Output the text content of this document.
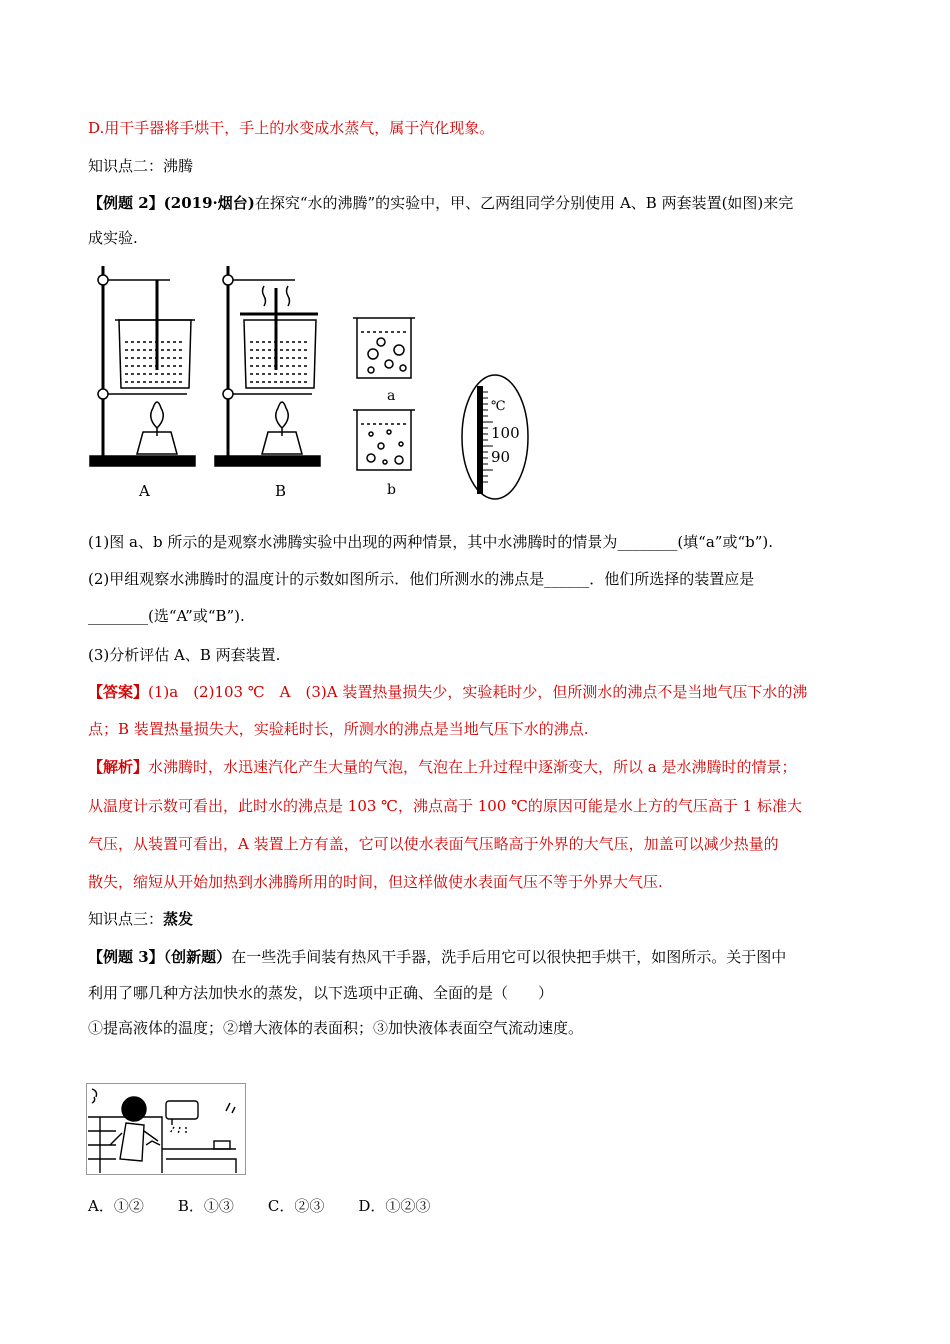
D.用干手器将手烘干，手上的水变成水蒸气，属于汽化现象。
知识点二：沸腾
【例题 2】(2019·烟台)在探究“水的沸腾”的实验中，甲、乙两组同学分别使用 A、B 两套装置(如图)来完
成实验.
A	B
a
b
℃
100
90
(1)图 a、b 所示的是观察水沸腾实验中出现的两种情景，其中水沸腾时的情景为________(填“a”或“b”).
(2)甲组观察水沸腾时的温度计的示数如图所示．他们所测水的沸点是______．他们所选择的装置应是
________(选“A”或“B”).
(3)分析评估 A、B 两套装置.
【答案】(1)a　(2)103 ℃　A　(3)A 装置热量损失少，实验耗时少，但所测水的沸点不是当地气压下水的沸
点；B 装置热量损失大，实验耗时长，所测水的沸点是当地气压下水的沸点.
【解析】水沸腾时，水迅速汽化产生大量的气泡，气泡在上升过程中逐渐变大，所以 a 是水沸腾时的情景；
从温度计示数可看出，此时水的沸点是 103 ℃，沸点高于 100 ℃的原因可能是水上方的气压高于 1 标准大
气压，从装置可看出，A 装置上方有盖，它可以使水表面气压略高于外界的大气压，加盖可以减少热量的
散失，缩短从开始加热到水沸腾所用的时间，但这样做使水表面气压不等于外界大气压.
知识点三：蒸发
【例题 3】（创新题）在一些洗手间装有热风干手器，洗手后用它可以很快把手烘干，如图所示。关于图中
利用了哪几种方法加快水的蒸发，以下选项中正确、全面的是（　　）
①提高液体的温度；②增大液体的表面积；③加快液体表面空气流动速度。
A．①② B．①③ C．②③ D．①②③
